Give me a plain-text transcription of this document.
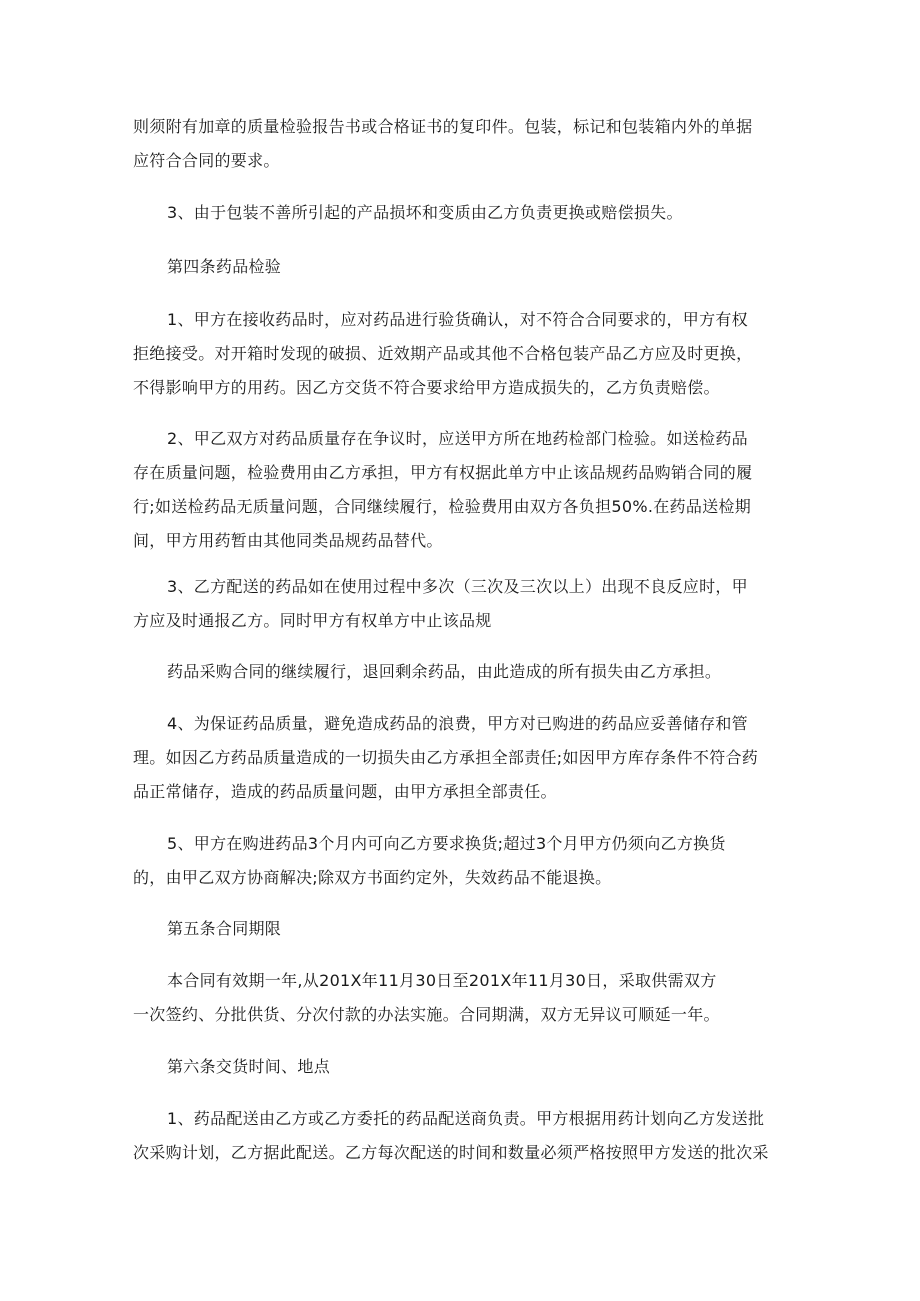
则须附有加章的质量检验报告书或合格证书的复印件。包装，标记和包装箱内外的单据
应符合合同的要求。

3、由于包装不善所引起的产品损坏和变质由乙方负责更换或赔偿损失。

第四条药品检验

1、甲方在接收药品时，应对药品进行验货确认，对不符合合同要求的，甲方有权
拒绝接受。对开箱时发现的破损、近效期产品或其他不合格包装产品乙方应及时更换，
不得影响甲方的用药。因乙方交货不符合要求给甲方造成损失的，乙方负责赔偿。

2、甲乙双方对药品质量存在争议时，应送甲方所在地药检部门检验。如送检药品
存在质量问题，检验费用由乙方承担，甲方有权据此单方中止该品规药品购销合同的履
行;如送检药品无质量问题，合同继续履行，检验费用由双方各负担50%.在药品送检期
间，甲方用药暂由其他同类品规药品替代。

3、乙方配送的药品如在使用过程中多次（三次及三次以上）出现不良反应时，甲
方应及时通报乙方。同时甲方有权单方中止该品规

药品采购合同的继续履行，退回剩余药品，由此造成的所有损失由乙方承担。

4、为保证药品质量，避免造成药品的浪费，甲方对已购进的药品应妥善储存和管
理。如因乙方药品质量造成的一切损失由乙方承担全部责任;如因甲方库存条件不符合药
品正常储存，造成的药品质量问题，由甲方承担全部责任。

5、甲方在购进药品3个月内可向乙方要求换货;超过3个月甲方仍须向乙方换货
的，由甲乙双方协商解决;除双方书面约定外，失效药品不能退换。

第五条合同期限

本合同有效期一年,从201X年11月30日至201X年11月30日，采取供需双方
一次签约、分批供货、分次付款的办法实施。合同期满，双方无异议可顺延一年。

第六条交货时间、地点

1、药品配送由乙方或乙方委托的药品配送商负责。甲方根据用药计划向乙方发送批
次采购计划，乙方据此配送。乙方每次配送的时间和数量必须严格按照甲方发送的批次采
